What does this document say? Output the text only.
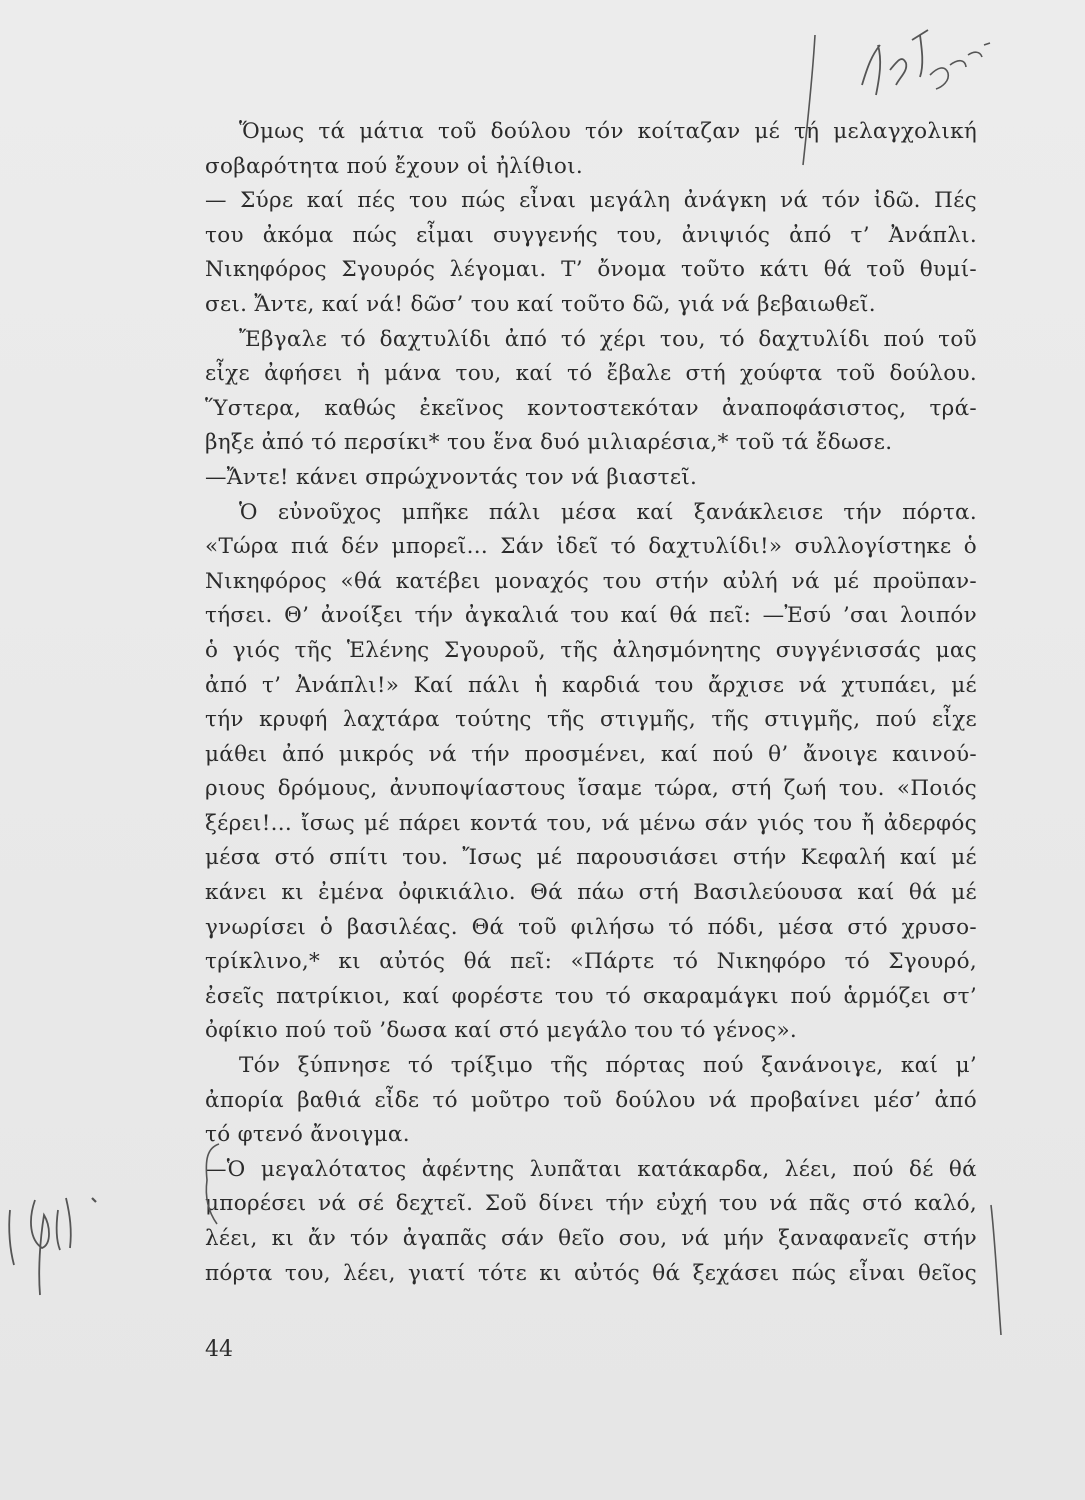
Ὅμως τά μάτια τοῦ δούλου τόν κοίταζαν μέ τή μελαγχολική
σοβαρότητα πού ἔχουν οἱ ἠλίθιοι.
— Σύρε καί πές του πώς εἶναι μεγάλη ἀνάγκη νά τόν ἰδῶ. Πές
του ἀκόμα πώς εἶμαι συγγενής του, ἀνιψιός ἀπό τ’ Ἀνάπλι.
Νικηφόρος Σγουρός λέγομαι. Τ’ ὄνομα τοῦτο κάτι θά τοῦ θυμί-
σει. Ἄντε, καί νά! δῶσ’ του καί τοῦτο δῶ, γιά νά βεβαιωθεῖ.
Ἔβγαλε τό δαχτυλίδι ἀπό τό χέρι του, τό δαχτυλίδι πού τοῦ
εἶχε ἀφήσει ἡ μάνα του, καί τό ἔβαλε στή χούφτα τοῦ δούλου.
Ὕστερα, καθώς ἐκεῖνος κοντοστεκόταν ἀναποφάσιστος, τρά-
βηξε ἀπό τό περσίκι* του ἕνα δυό μιλιαρέσια,* τοῦ τά ἔδωσε.
—Ἄντε! κάνει σπρώχνοντάς τον νά βιαστεῖ.
Ὁ εὐνοῦχος μπῆκε πάλι μέσα καί ξανάκλεισε τήν πόρτα.
«Τώρα πιά δέν μπορεῖ... Σάν ἰδεῖ τό δαχτυλίδι!» συλλογίστηκε ὁ
Νικηφόρος «θά κατέβει μοναχός του στήν αὐλή νά μέ προϋπαν-
τήσει. Θ’ ἀνοίξει τήν ἀγκαλιά του καί θά πεῖ: —Ἐσύ ’σαι λοιπόν
ὁ γιός τῆς Ἑλένης Σγουροῦ, τῆς ἀλησμόνητης συγγένισσάς μας
ἀπό τ’ Ἀνάπλι!» Καί πάλι ἡ καρδιά του ἄρχισε νά χτυπάει, μέ
τήν κρυφή λαχτάρα τούτης τῆς στιγμῆς, τῆς στιγμῆς, πού εἶχε
μάθει ἀπό μικρός νά τήν προσμένει, καί πού θ’ ἄνοιγε καινού-
ριους δρόμους, ἀνυποψίαστους ἴσαμε τώρα, στή ζωή του. «Ποιός
ξέρει!... ἴσως μέ πάρει κοντά του, νά μένω σάν γιός του ἤ ἀδερφός
μέσα στό σπίτι του. Ἴσως μέ παρουσιάσει στήν Κεφαλή καί μέ
κάνει κι ἐμένα ὀφικιάλιο. Θά πάω στή Βασιλεύουσα καί θά μέ
γνωρίσει ὁ βασιλέας. Θά τοῦ φιλήσω τό πόδι, μέσα στό χρυσο-
τρίκλινο,* κι αὐτός θά πεῖ: «Πάρτε τό Νικηφόρο τό Σγουρό,
ἐσεῖς πατρίκιοι, καί φορέστε του τό σκαραμάγκι πού ἁρμόζει στ’
ὀφίκιο πού τοῦ ’δωσα καί στό μεγάλο του τό γένος».
Τόν ξύπνησε τό τρίξιμο τῆς πόρτας πού ξανάνοιγε, καί μ’
ἀπορία βαθιά εἶδε τό μοῦτρο τοῦ δούλου νά προβαίνει μέσ’ ἀπό
τό φτενό ἄνοιγμα.
—Ὁ μεγαλότατος ἀφέντης λυπᾶται κατάκαρδα, λέει, πού δέ θά
μπορέσει νά σέ δεχτεῖ. Σοῦ δίνει τήν εὐχή του νά πᾶς στό καλό,
λέει, κι ἄν τόν ἀγαπᾶς σάν θεῖο σου, νά μήν ξαναφανεῖς στήν
πόρτα του, λέει, γιατί τότε κι αὐτός θά ξεχάσει πώς εἶναι θεῖος
44
